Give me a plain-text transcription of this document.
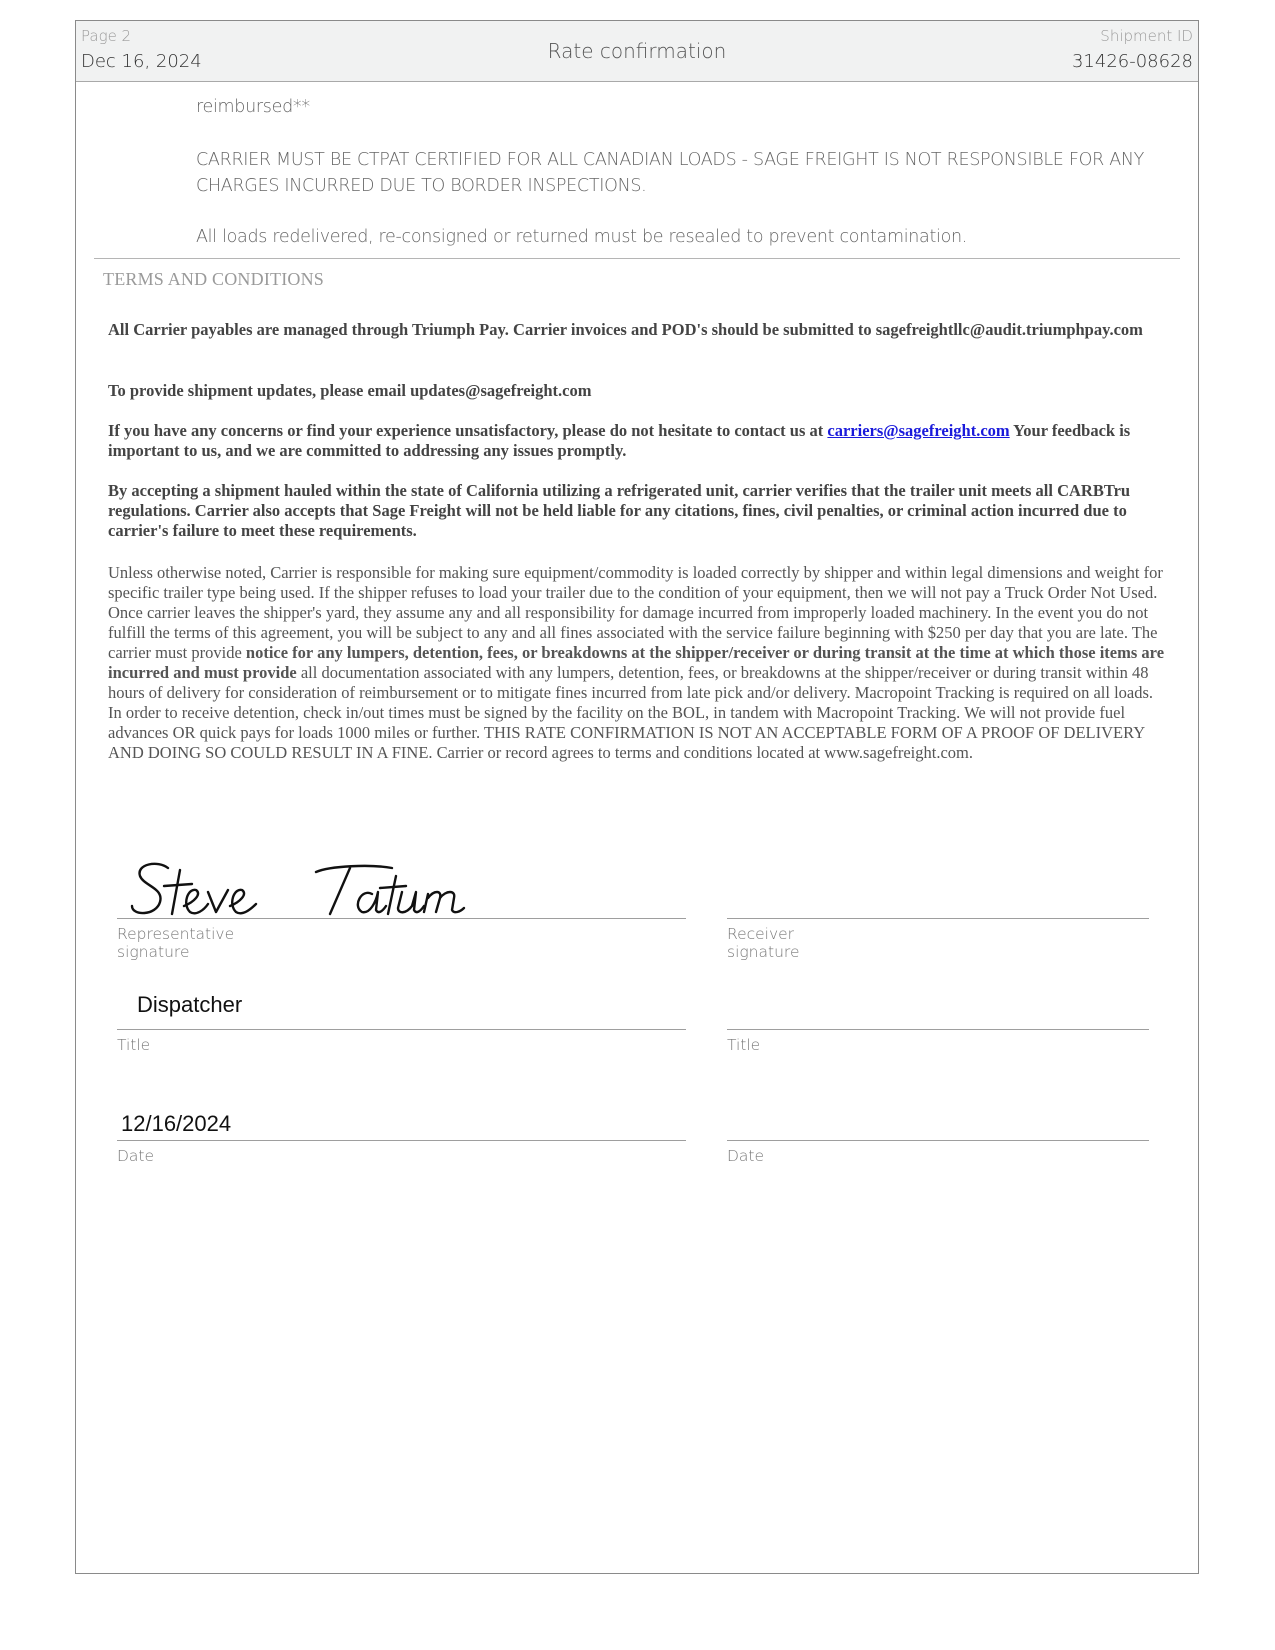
Page 2
Dec 16, 2024	Rate confirmation
Shipment ID
31426-08628
reimbursed**
CARRIER MUST BE CTPAT CERTIFIED FOR ALL CANADIAN LOADS - SAGE FREIGHT IS NOT RESPONSIBLE FOR ANY CHARGES INCURRED DUE TO BORDER INSPECTIONS.
All loads redelivered, re-consigned or returned must be resealed to prevent contamination.
TERMS AND CONDITIONS
All Carrier payables are managed through Triumph Pay. Carrier invoices and POD's should be submitted to sagefreightllc@audit.triumphpay.com
To provide shipment updates, please email updates@sagefreight.com
If you have any concerns or find your experience unsatisfactory, please do not hesitate to contact us at carriers@sagefreight.com Your feedback is important to us, and we are committed to addressing any issues promptly.
By accepting a shipment hauled within the state of California utilizing a refrigerated unit, carrier verifies that the trailer unit meets all CARBTru regulations. Carrier also accepts that Sage Freight will not be held liable for any citations, fines, civil penalties, or criminal action incurred due to carrier's failure to meet these requirements.
Unless otherwise noted, Carrier is responsible for making sure equipment/commodity is loaded correctly by shipper and within legal dimensions and weight for specific trailer type being used. If the shipper refuses to load your trailer due to the condition of your equipment, then we will not pay a Truck Order Not Used. Once carrier leaves the shipper's yard, they assume any and all responsibility for damage incurred from improperly loaded machinery. In the event you do not fulfill the terms of this agreement, you will be subject to any and all fines associated with the service failure beginning with $250 per day that you are late. The carrier must provide notice for any lumpers, detention, fees, or breakdowns at the shipper/receiver or during transit at the time at which those items are incurred and must provide all documentation associated with any lumpers, detention, fees, or breakdowns at the shipper/receiver or during transit within 48 hours of delivery for consideration of reimbursement or to mitigate fines incurred from late pick and/or delivery. Macropoint Tracking is required on all loads. In order to receive detention, check in/out times must be signed by the facility on the BOL, in tandem with Macropoint Tracking. We will not provide fuel advances OR quick pays for loads 1000 miles or further. THIS RATE CONFIRMATION IS NOT AN ACCEPTABLE FORM OF A PROOF OF DELIVERY AND DOING SO COULD RESULT IN A FINE. Carrier or record agrees to terms and conditions located at www.sagefreight.com.
Representative signature
Receiver signature
Dispatcher
Title	Title
12/16/2024
Date	Date
